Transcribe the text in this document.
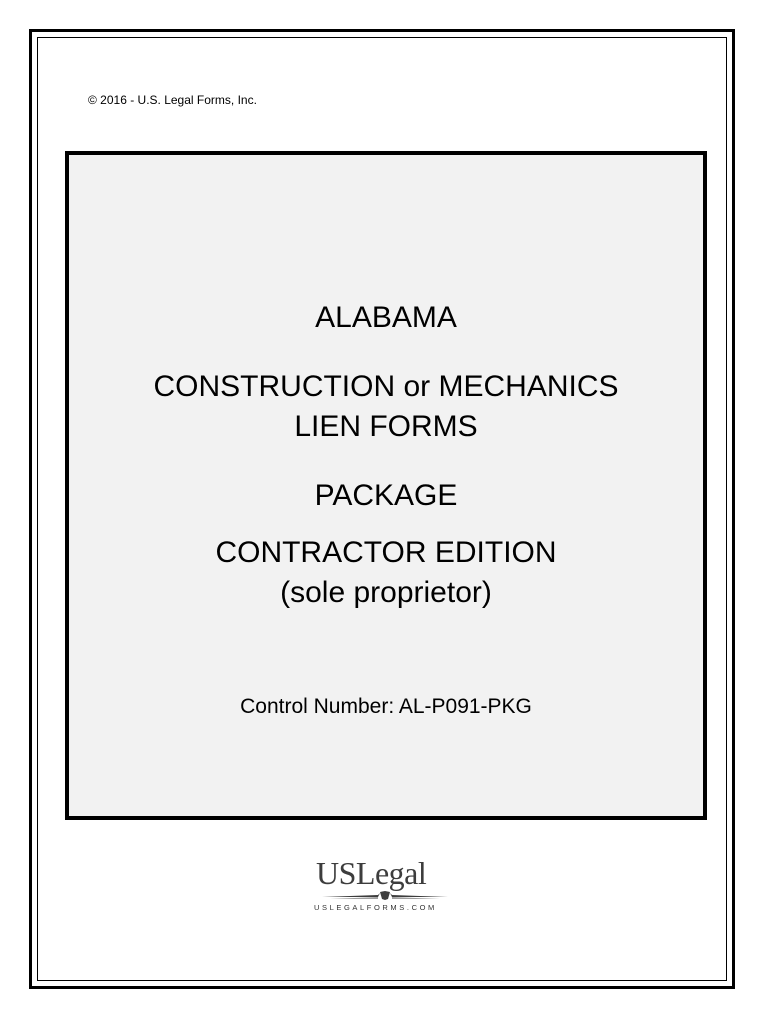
© 2016 - U.S. Legal Forms, Inc.
ALABAMA
CONSTRUCTION or MECHANICS
LIEN FORMS
PACKAGE
CONTRACTOR EDITION
(sole proprietor)
Control Number: AL-P091-PKG
USLegal
USLEGALFORMS.COM
